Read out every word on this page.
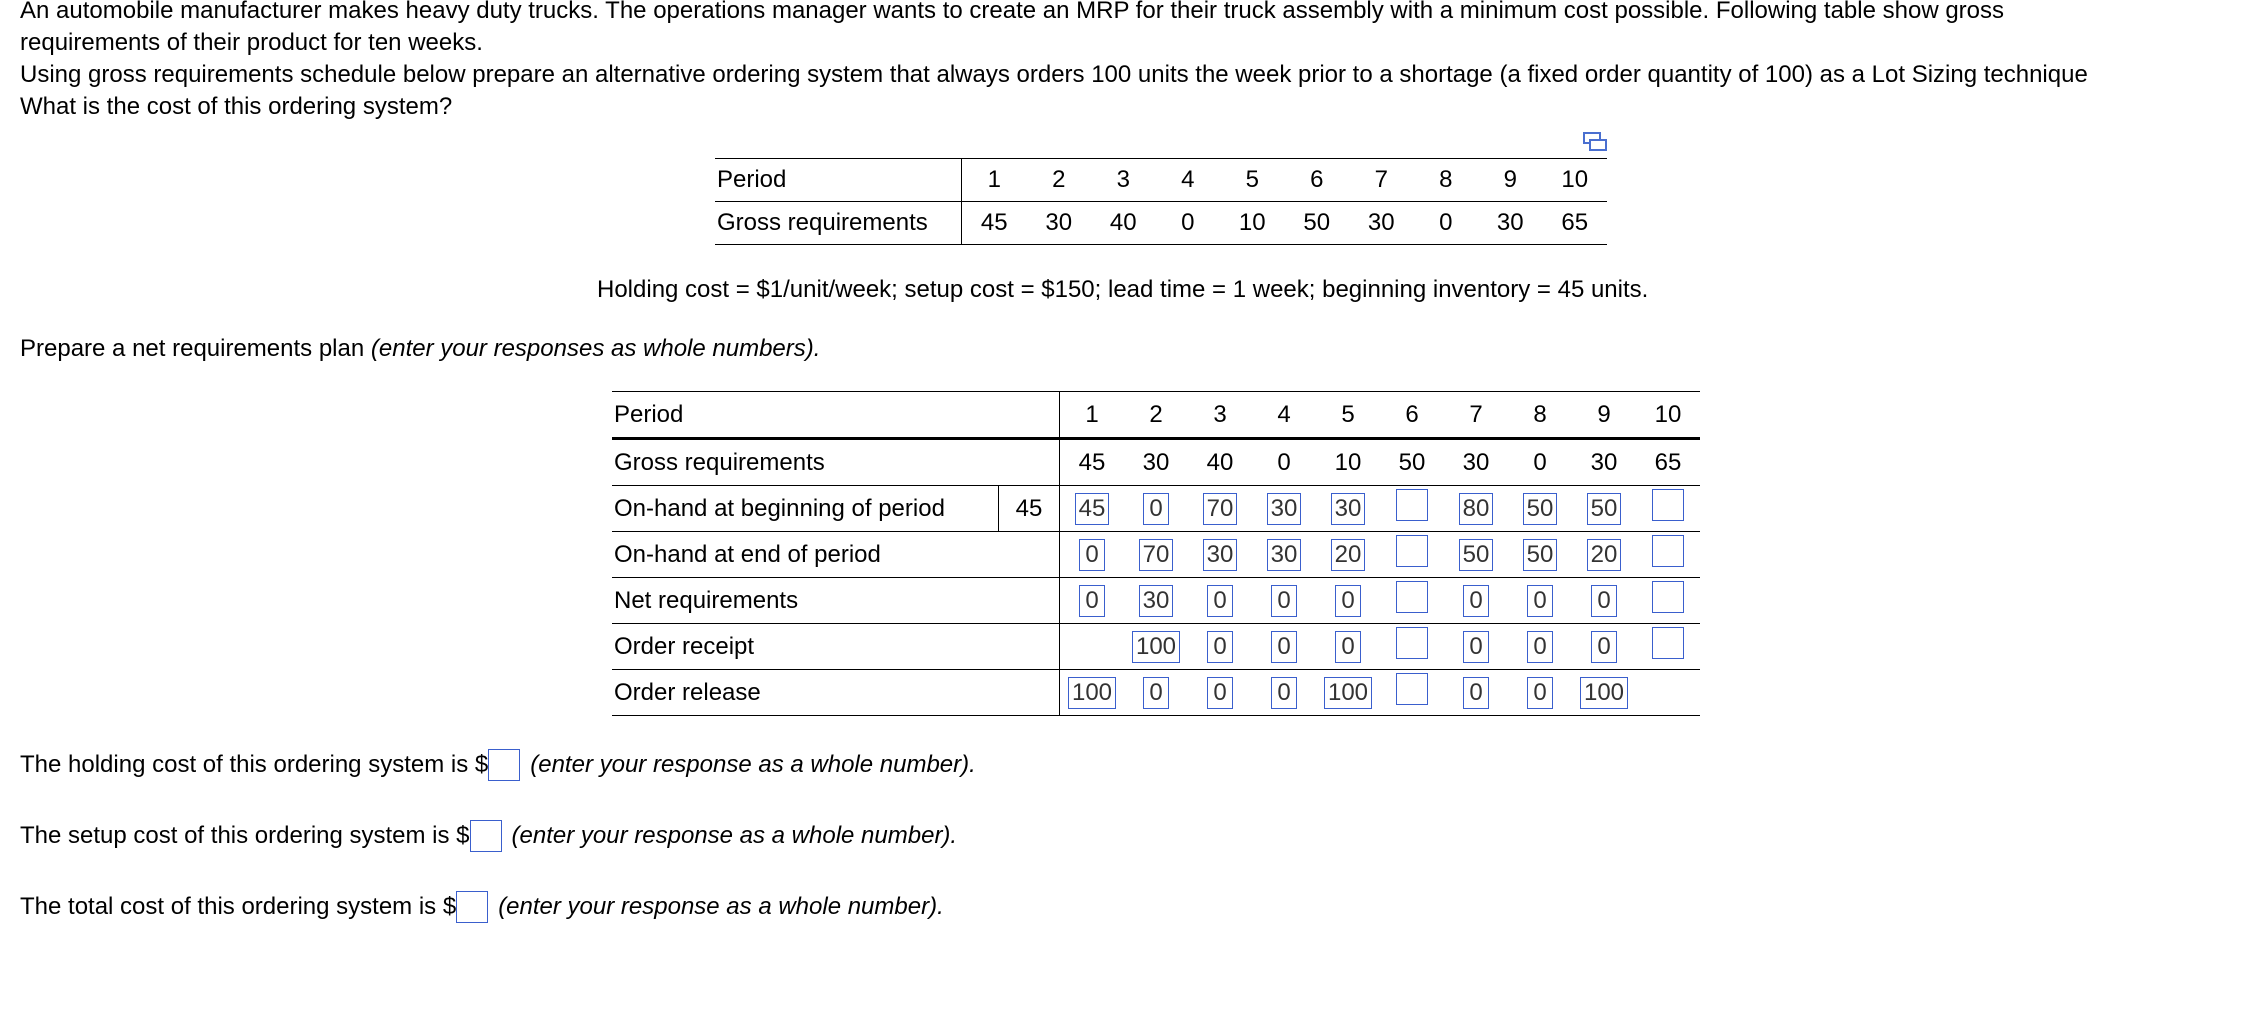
An automobile manufacturer makes heavy duty trucks. The operations manager wants to create an MRP for their truck assembly with a minimum cost possible. Following table show gross
requirements of their product for ten weeks.
Using gross requirements schedule below prepare an alternative ordering system that always orders 100 units the week prior to a shortage (a fixed order quantity of 100) as a Lot Sizing technique
What is the cost of this ordering system?
Period	1	2	3	4	5	6	7	8	9	10
Gross requirements	45	30	40	0	10	50	30	0	30	65
Holding cost = $1/unit/week; setup cost = $150; lead time = 1 week; beginning inventory = 45 units.
Prepare a net requirements plan (enter your responses as whole numbers).
Period		1	2	3	4	5	6	7	8	9	10
Gross requirements		45	30	40	0	10	50	30	0	30	65
On-hand at beginning of period	45	45	0	70	30	30		80	50	50	
On-hand at end of period		0	70	30	30	20		50	50	20	
Net requirements		0	30	0	0	0		0	0	0	
Order receipt			100	0	0	0		0	0	0	
Order release		100	0	0	0	100		0	0	100	
The holding cost of this ordering system is $ (enter your response as a whole number).
The setup cost of this ordering system is $ (enter your response as a whole number).
The total cost of this ordering system is $ (enter your response as a whole number).
